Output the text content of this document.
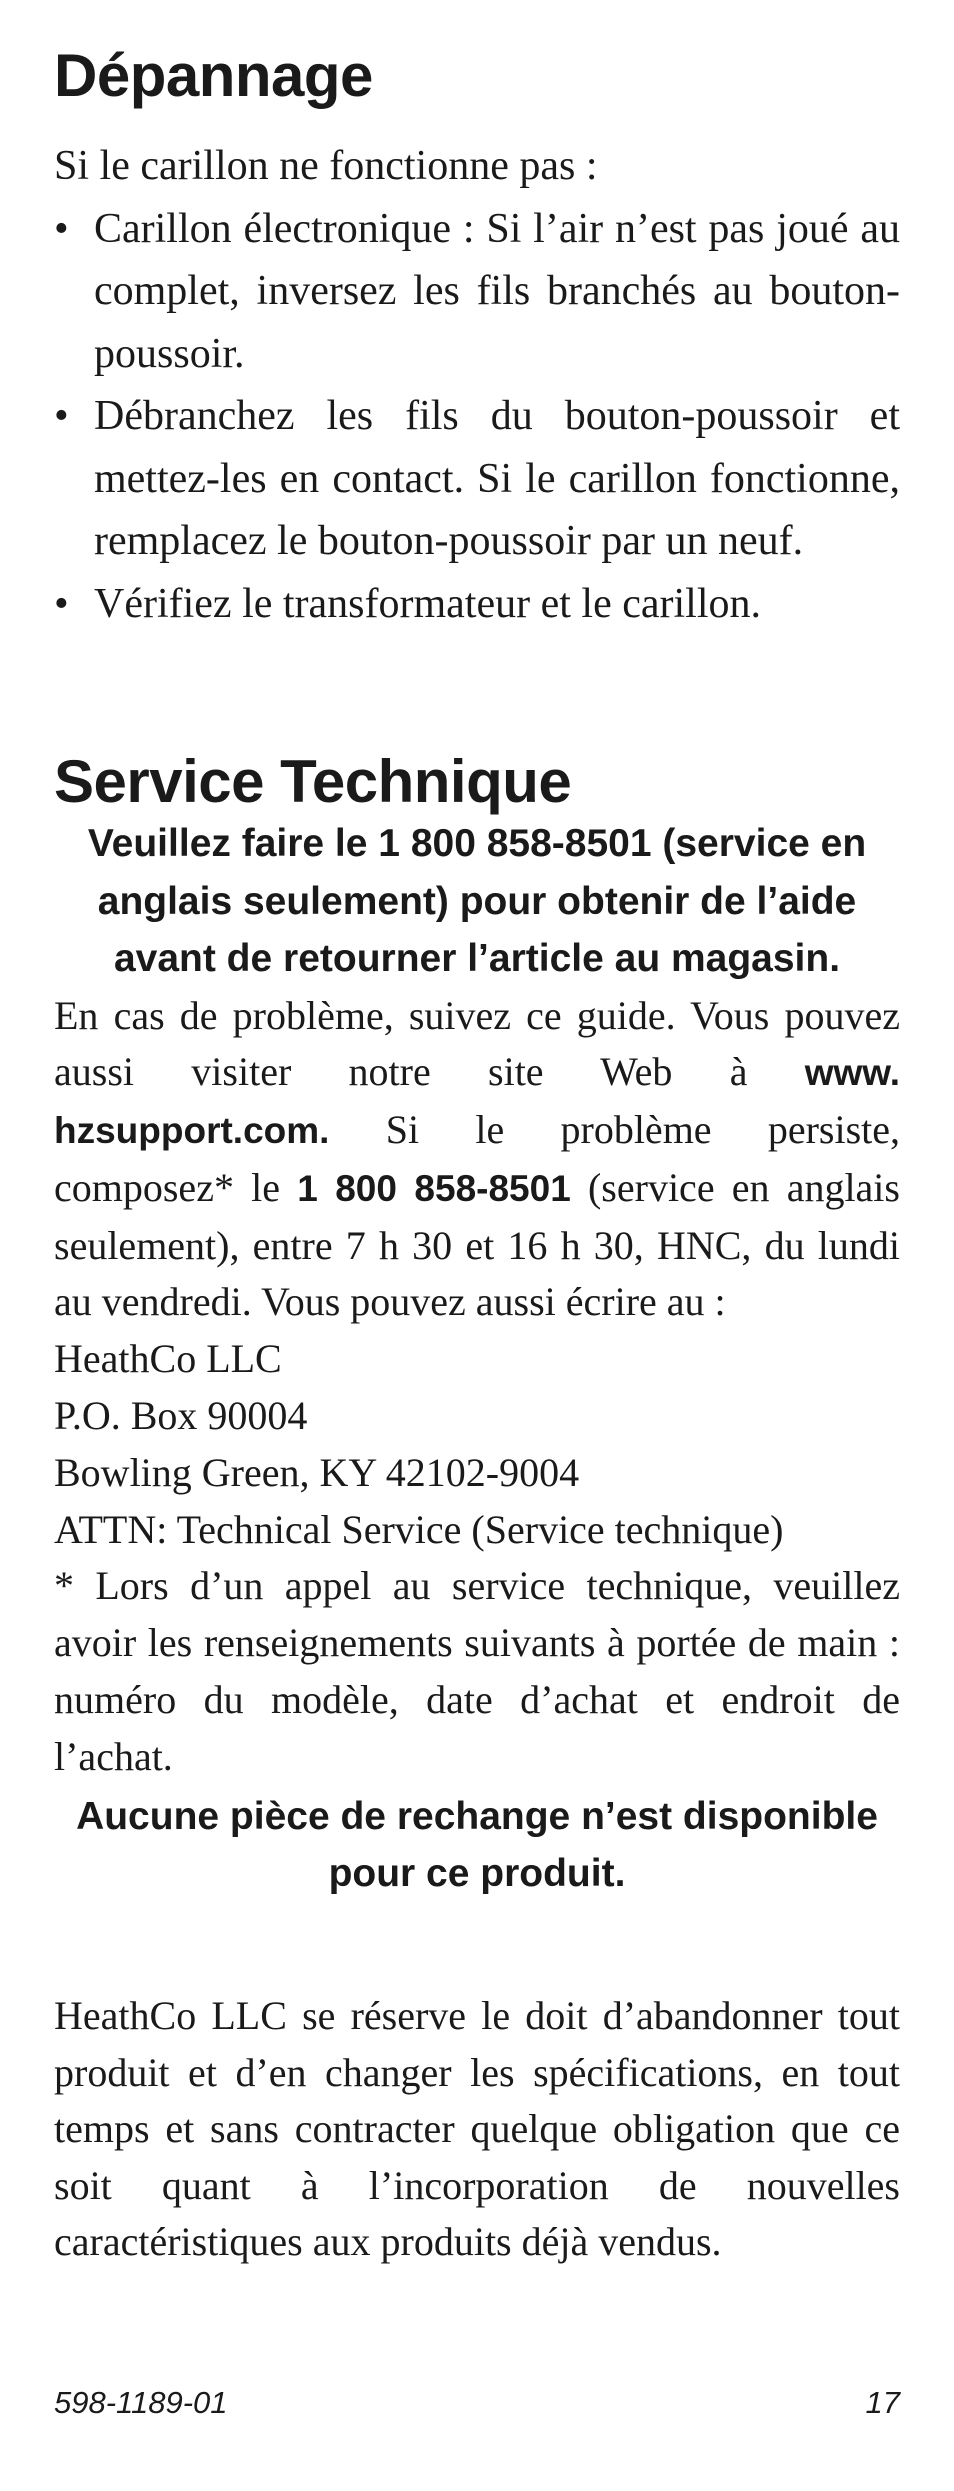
Dépannage
Si le carillon ne fonctionne pas :
• Carillon électronique : Si l’air n’est pas joué au complet, inversez les fils branchés au bouton-poussoir.
• Débranchez les fils du bouton-poussoir et mettez-les en contact. Si le carillon fonctionne, remplacez le bouton-poussoir par un neuf.
• Vérifiez le transformateur et le carillon.
Service Technique
Veuillez faire le 1 800 858-8501 (service en anglais seulement) pour obtenir de l’aide avant de retourner l’article au magasin.
En cas de problème, suivez ce guide. Vous pouvez aussi visiter notre site Web à www. hzsupport.com. Si le problème persiste, composez* le 1 800 858-8501 (service en anglais seulement), entre 7 h 30 et 16 h 30, HNC, du lundi au vendredi. Vous pouvez aussi écrire au :
HeathCo LLC
P.O. Box 90004
Bowling Green, KY 42102-9004
ATTN: Technical Service (Service technique)
* Lors d’un appel au service technique, veuillez avoir les renseignements suivants à portée de main : numéro du modèle, date d’achat et endroit de l’achat.
Aucune pièce de rechange n’est disponible pour ce produit.
HeathCo LLC se réserve le doit d’abandonner tout produit et d’en changer les spécifications, en tout temps et sans contracter quelque obligation que ce soit quant à l’incorporation de nouvelles caractéristiques aux produits déjà vendus.
598-1189-01	17
